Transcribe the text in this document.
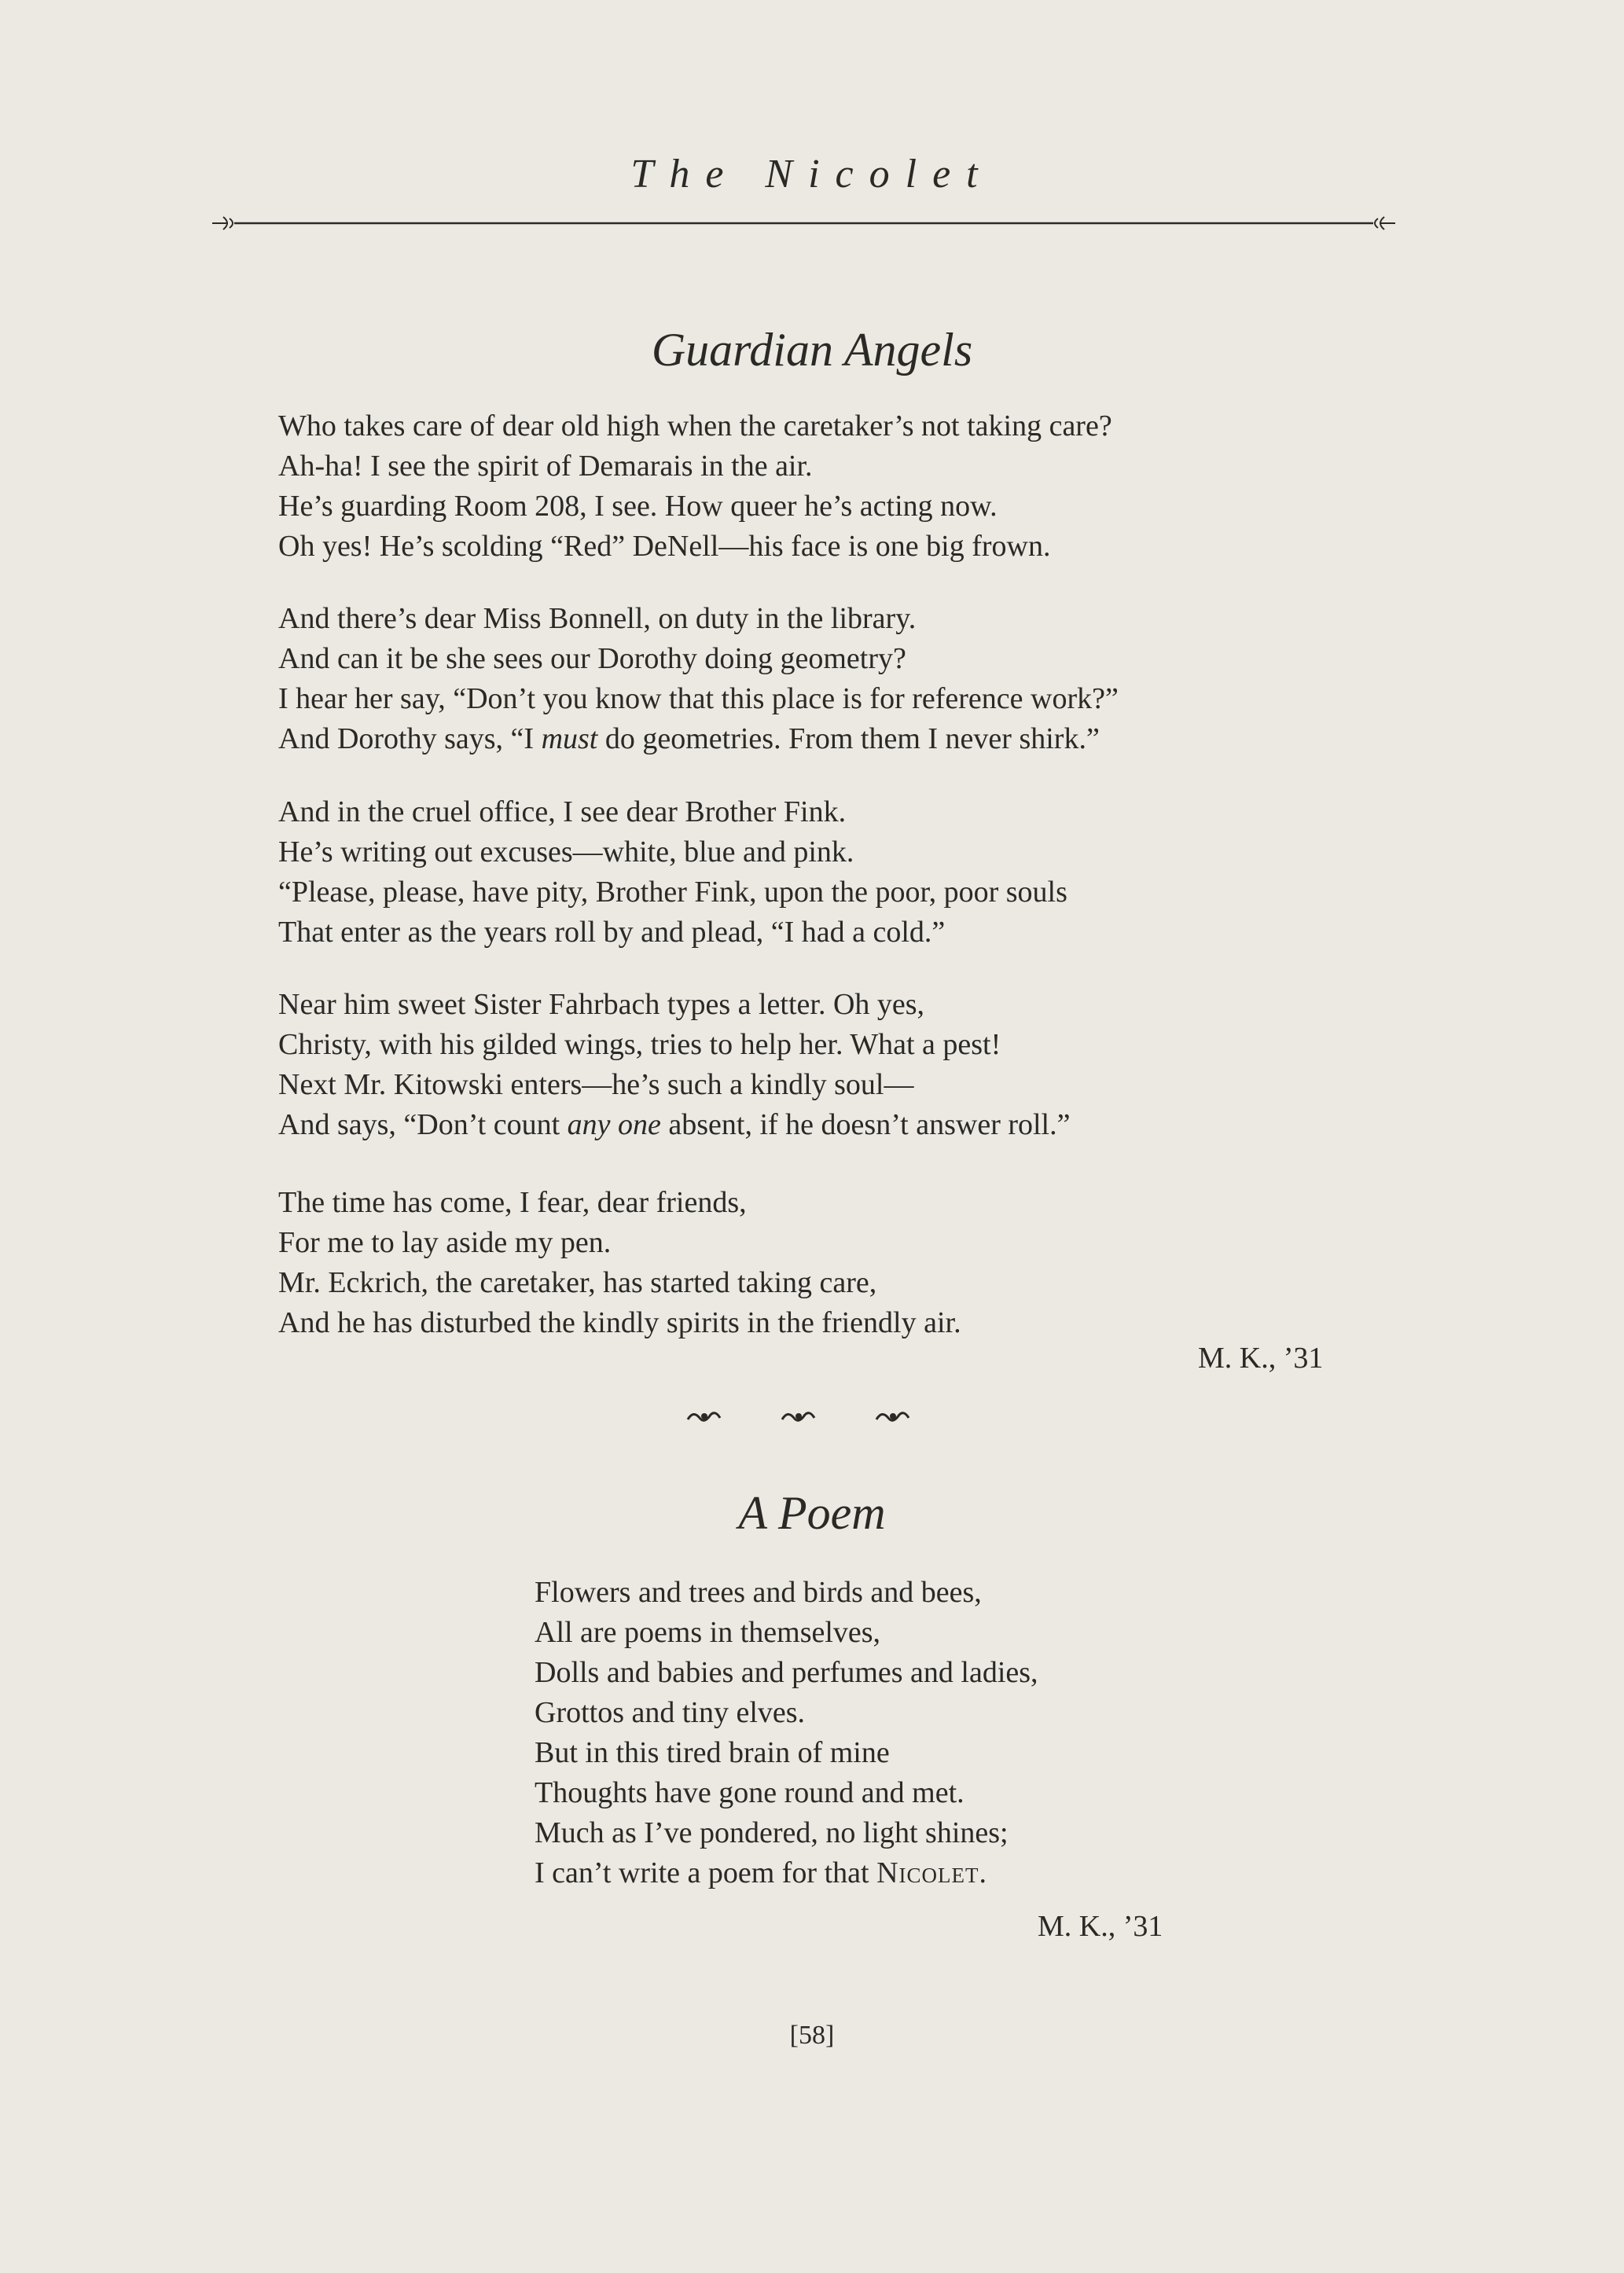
The Nicolet
Guardian Angels
Who takes care of dear old high when the caretaker’s not taking care?
Ah-ha! I see the spirit of Demarais in the air.
He’s guarding Room 208, I see. How queer he’s acting now.
Oh yes! He’s scolding “Red” DeNell—his face is one big frown.
And there’s dear Miss Bonnell, on duty in the library.
And can it be she sees our Dorothy doing geometry?
I hear her say, “Don’t you know that this place is for reference work?”
And Dorothy says, “I must do geometries. From them I never shirk.”
And in the cruel office, I see dear Brother Fink.
He’s writing out excuses—white, blue and pink.
“Please, please, have pity, Brother Fink, upon the poor, poor souls
That enter as the years roll by and plead, “I had a cold.”
Near him sweet Sister Fahrbach types a letter. Oh yes,
Christy, with his gilded wings, tries to help her. What a pest!
Next Mr. Kitowski enters—he’s such a kindly soul—
And says, “Don’t count any one absent, if he doesn’t answer roll.”
The time has come, I fear, dear friends,
For me to lay aside my pen.
Mr. Eckrich, the caretaker, has started taking care,
And he has disturbed the kindly spirits in the friendly air.
M. K., ’31
A Poem
Flowers and trees and birds and bees,
All are poems in themselves,
Dolls and babies and perfumes and ladies,
Grottos and tiny elves.
But in this tired brain of mine
Thoughts have gone round and met.
Much as I’ve pondered, no light shines;
I can’t write a poem for that Nicolet.
M. K., ’31
[58]
